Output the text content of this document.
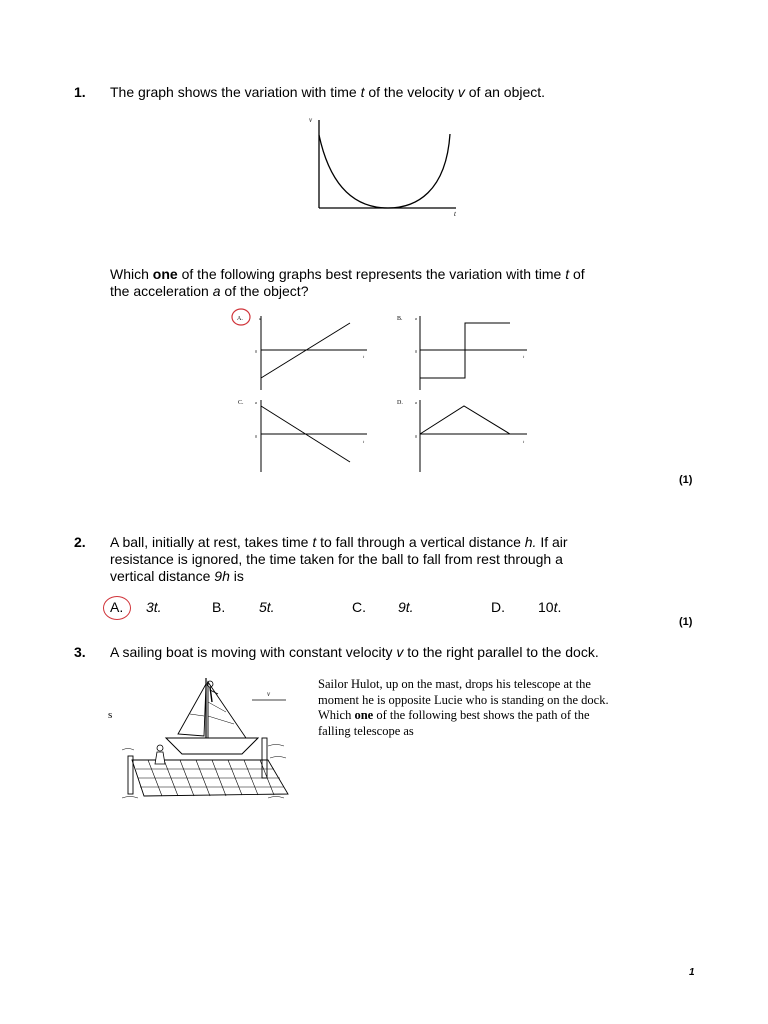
1. The graph shows the variation with time t of the velocity v of an object.
v
t
Which one of the following graphs best represents the variation with time t of
the acceleration a of the object?
A.	a
0
t
B.	a
0
t
C.	a
0
t
D.	a
0
t
(1)
2. A ball, initially at rest, takes time t to fall through a vertical distance h. If air
resistance is ignored, the time taken for the ball to fall from rest through a
vertical distance 9h is
A. 3t.	B. 5t.	C. 9t.	D. 10t.
(1)
3. A sailing boat is moving with constant velocity v to the right parallel to the dock.
s
v
Sailor Hulot, up on the mast, drops his telescope at the
moment he is opposite Lucie who is standing on the dock.
Which one of the following best shows the path of the
falling telescope as
1
